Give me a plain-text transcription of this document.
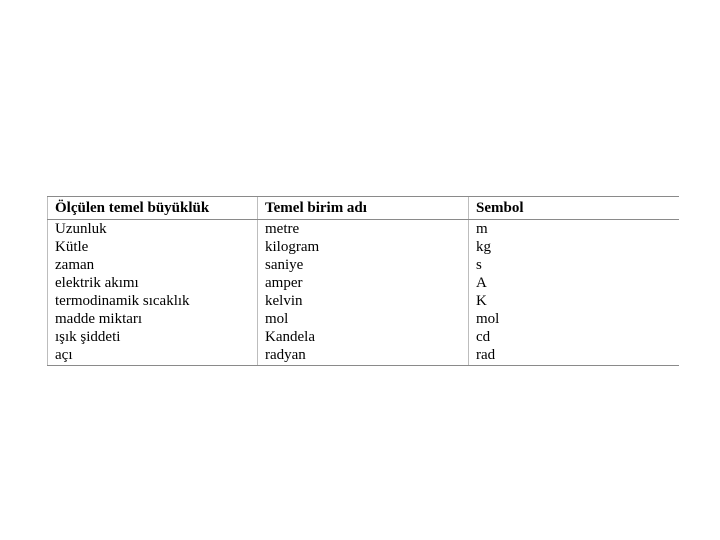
Ölçülen temel büyüklük	Temel birim adı	Sembol
Uzunluk	metre	m
Kütle	kilogram	kg
zaman	saniye	s
elektrik akımı	amper	A
termodinamik sıcaklık	kelvin	K
madde miktarı	mol	mol
ışık şiddeti	Kandela	cd
açı	radyan	rad
